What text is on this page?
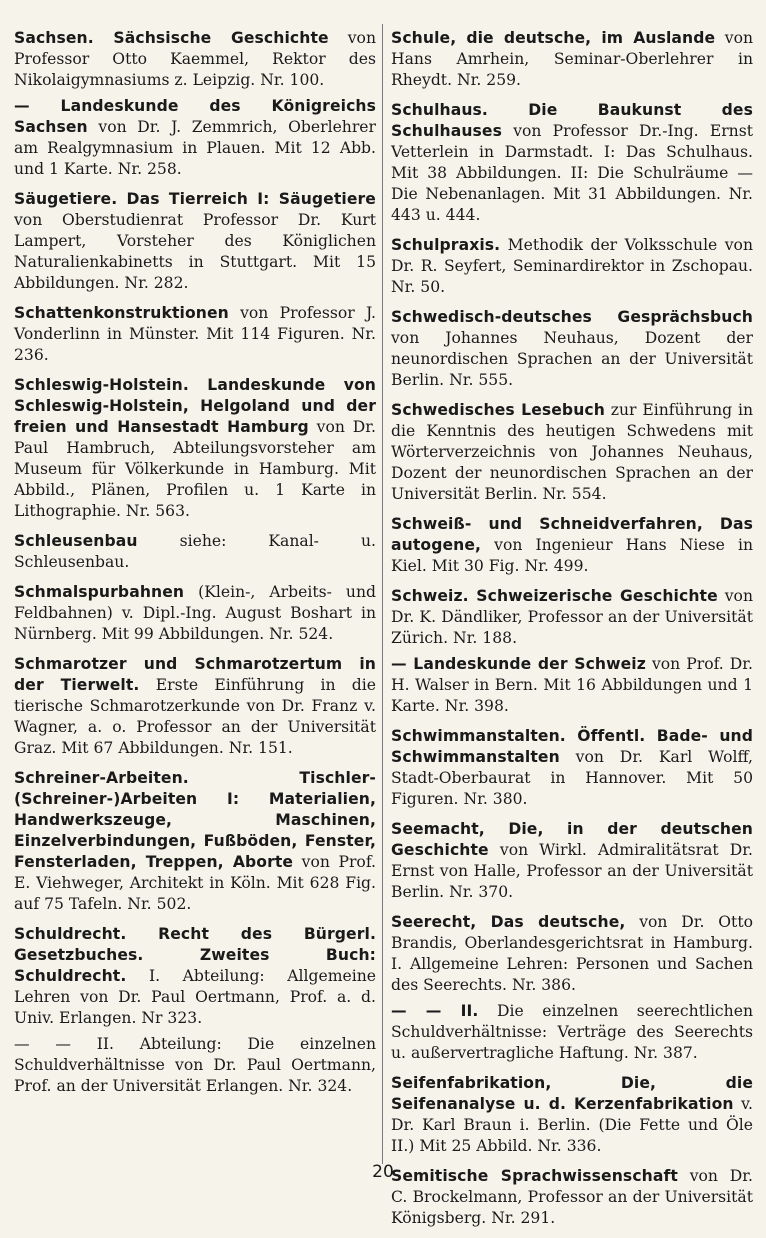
Sachsen. Sächsische Geschichte von Professor Otto Kaemmel, Rektor des Nikolaigymnasiums z. Leipzig. Nr. 100.

— Landeskunde des Königreichs Sachsen von Dr. J. Zemmrich, Oberlehrer am Realgymnasium in Plauen. Mit 12 Abb. und 1 Karte. Nr. 258.

Säugetiere. Das Tierreich I: Säugetiere von Oberstudienrat Professor Dr. Kurt Lampert, Vorsteher des Königlichen Naturalienkabinetts in Stuttgart. Mit 15 Abbildungen. Nr. 282.

Schattenkonstruktionen von Professor J. Vonderlinn in Münster. Mit 114 Figuren. Nr. 236.

Schleswig-Holstein. Landeskunde von Schleswig-Holstein, Helgoland und der freien und Hansestadt Hamburg von Dr. Paul Hambruch, Abteilungsvorsteher am Museum für Völkerkunde in Hamburg. Mit Abbild., Plänen, Profilen u. 1 Karte in Lithographie. Nr. 563.

Schleusenbau siehe: Kanal- u. Schleusenbau.

Schmalspurbahnen (Klein-, Arbeits- und Feldbahnen) v. Dipl.-Ing. August Boshart in Nürnberg. Mit 99 Abbildungen. Nr. 524.

Schmarotzer und Schmarotzertum in der Tierwelt. Erste Einführung in die tierische Schmarotzerkunde von Dr. Franz v. Wagner, a. o. Professor an der Universität Graz. Mit 67 Abbildungen. Nr. 151.

Schreiner-Arbeiten. Tischler- (Schreiner-)Arbeiten I: Materialien, Handwerkszeuge, Maschinen, Einzelverbindungen, Fußböden, Fenster, Fensterladen, Treppen, Aborte von Prof. E. Viehweger, Architekt in Köln. Mit 628 Fig. auf 75 Tafeln. Nr. 502.

Schuldrecht. Recht des Bürgerl. Gesetzbuches. Zweites Buch: Schuldrecht. I. Abteilung: Allgemeine Lehren von Dr. Paul Oertmann, Prof. a. d. Univ. Erlangen. Nr 323.

— — II. Abteilung: Die einzelnen Schuldverhältnisse von Dr. Paul Oertmann, Prof. an der Universität Erlangen. Nr. 324.

Schule, die deutsche, im Auslande von Hans Amrhein, Seminar-Oberlehrer in Rheydt. Nr. 259.

Schulhaus. Die Baukunst des Schulhauses von Professor Dr.-Ing. Ernst Vetterlein in Darmstadt. I: Das Schulhaus. Mit 38 Abbildungen. II: Die Schulräume — Die Nebenanlagen. Mit 31 Abbildungen. Nr. 443 u. 444.

Schulpraxis. Methodik der Volksschule von Dr. R. Seyfert, Seminardirektor in Zschopau. Nr. 50.

Schwedisch-deutsches Gesprächsbuch von Johannes Neuhaus, Dozent der neunordischen Sprachen an der Universität Berlin. Nr. 555.

Schwedisches Lesebuch zur Einführung in die Kenntnis des heutigen Schwedens mit Wörterverzeichnis von Johannes Neuhaus, Dozent der neunordischen Sprachen an der Universität Berlin. Nr. 554.

Schweiß- und Schneidverfahren, Das autogene, von Ingenieur Hans Niese in Kiel. Mit 30 Fig. Nr. 499.

Schweiz. Schweizerische Geschichte von Dr. K. Dändliker, Professor an der Universität Zürich. Nr. 188.

— Landeskunde der Schweiz von Prof. Dr. H. Walser in Bern. Mit 16 Abbildungen und 1 Karte. Nr. 398.

Schwimmanstalten. Öffentl. Bade- und Schwimmanstalten von Dr. Karl Wolff, Stadt-Oberbaurat in Hannover. Mit 50 Figuren. Nr. 380.

Seemacht, Die, in der deutschen Geschichte von Wirkl. Admiralitätsrat Dr. Ernst von Halle, Professor an der Universität Berlin. Nr. 370.

Seerecht, Das deutsche, von Dr. Otto Brandis, Oberlandesgerichtsrat in Hamburg. I. Allgemeine Lehren: Personen und Sachen des Seerechts. Nr. 386.

— — II. Die einzelnen seerechtlichen Schuldverhältnisse: Verträge des Seerechts u. außervertragliche Haftung. Nr. 387.

Seifenfabrikation, Die, die Seifenanalyse u. d. Kerzenfabrikation v. Dr. Karl Braun i. Berlin. (Die Fette und Öle II.) Mit 25 Abbild. Nr. 336.

Semitische Sprachwissenschaft von Dr. C. Brockelmann, Professor an der Universität Königsberg. Nr. 291.

20
